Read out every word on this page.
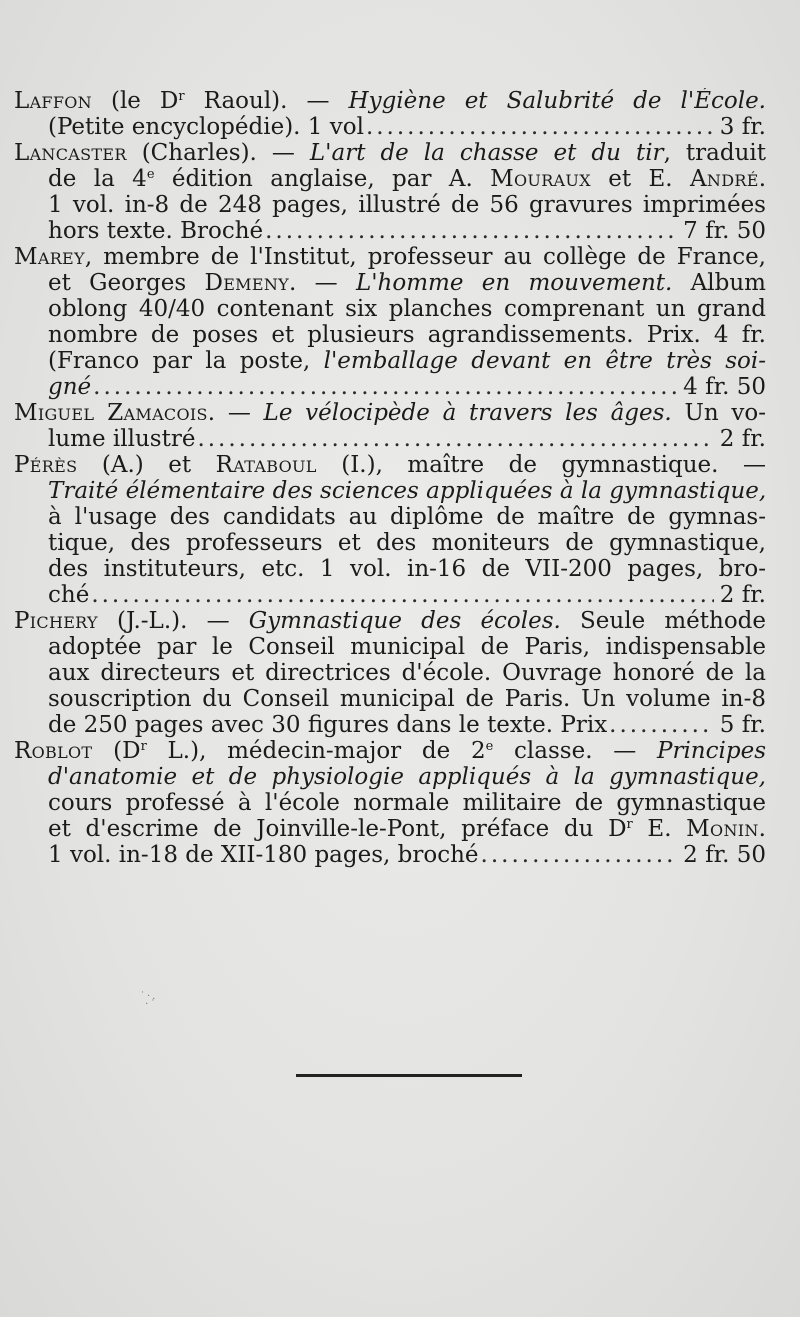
Laffon (le $D^r$ Raoul). — Hygiène et Salubrité de l'École.
(Petite encyclopédie). 1 vol .....	3 fr.
Lancaster (Charles). — L'art de la chasse et du tir, traduit
de la 4e édition anglaise, par A. Mouraux et E. André.
1 vol. in-8 de 248 pages, illustré de 56 gravures imprimées
hors texte. Broché .....	7 fr. 50
Marey, membre de l'Institut, professeur au collège de France,
et Georges Demeny. — L'homme en mouvement. Album
oblong 40/40 contenant six planches comprenant un grand
nombre de poses et plusieurs agrandissements. Prix. 4 fr.
(Franco par la poste, l'emballage devant en être très soi-
gné .....	4 fr. 50
Miguel Zamacois. — Le vélocipède à travers les âges. Un vo-
lume illustré .....	2 fr.
Pérès (A.) et Rataboul (I.), maître de gymnastique. —
Traité élémentaire des sciences appliquées à la gymnastique,
à l'usage des candidats au diplôme de maître de gymnas-
tique, des professeurs et des moniteurs de gymnastique,
des instituteurs, etc. 1 vol. in-16 de VII-200 pages, bro-
ché .....	2 fr.
Pichery (J.-L.). — Gymnastique des écoles. Seule méthode
adoptée par le Conseil municipal de Paris, indispensable
aux directeurs et directrices d'école. Ouvrage honoré de la
souscription du Conseil municipal de Paris. Un volume in-8
de 250 pages avec 30 figures dans le texte. Prix .....	5 fr.
Roblot ($D^r$ L.), médecin-major de 2e classe. — Principes
d'anatomie et de physiologie appliqués à la gymnastique,
cours professé à l'école normale militaire de gymnastique
et d'escrime de Joinville-le-Pont, préface du $D^r$ E. Monin.
1 vol. in-18 de XII-180 pages, broché .....	2 fr. 50
˙·.
·˙
